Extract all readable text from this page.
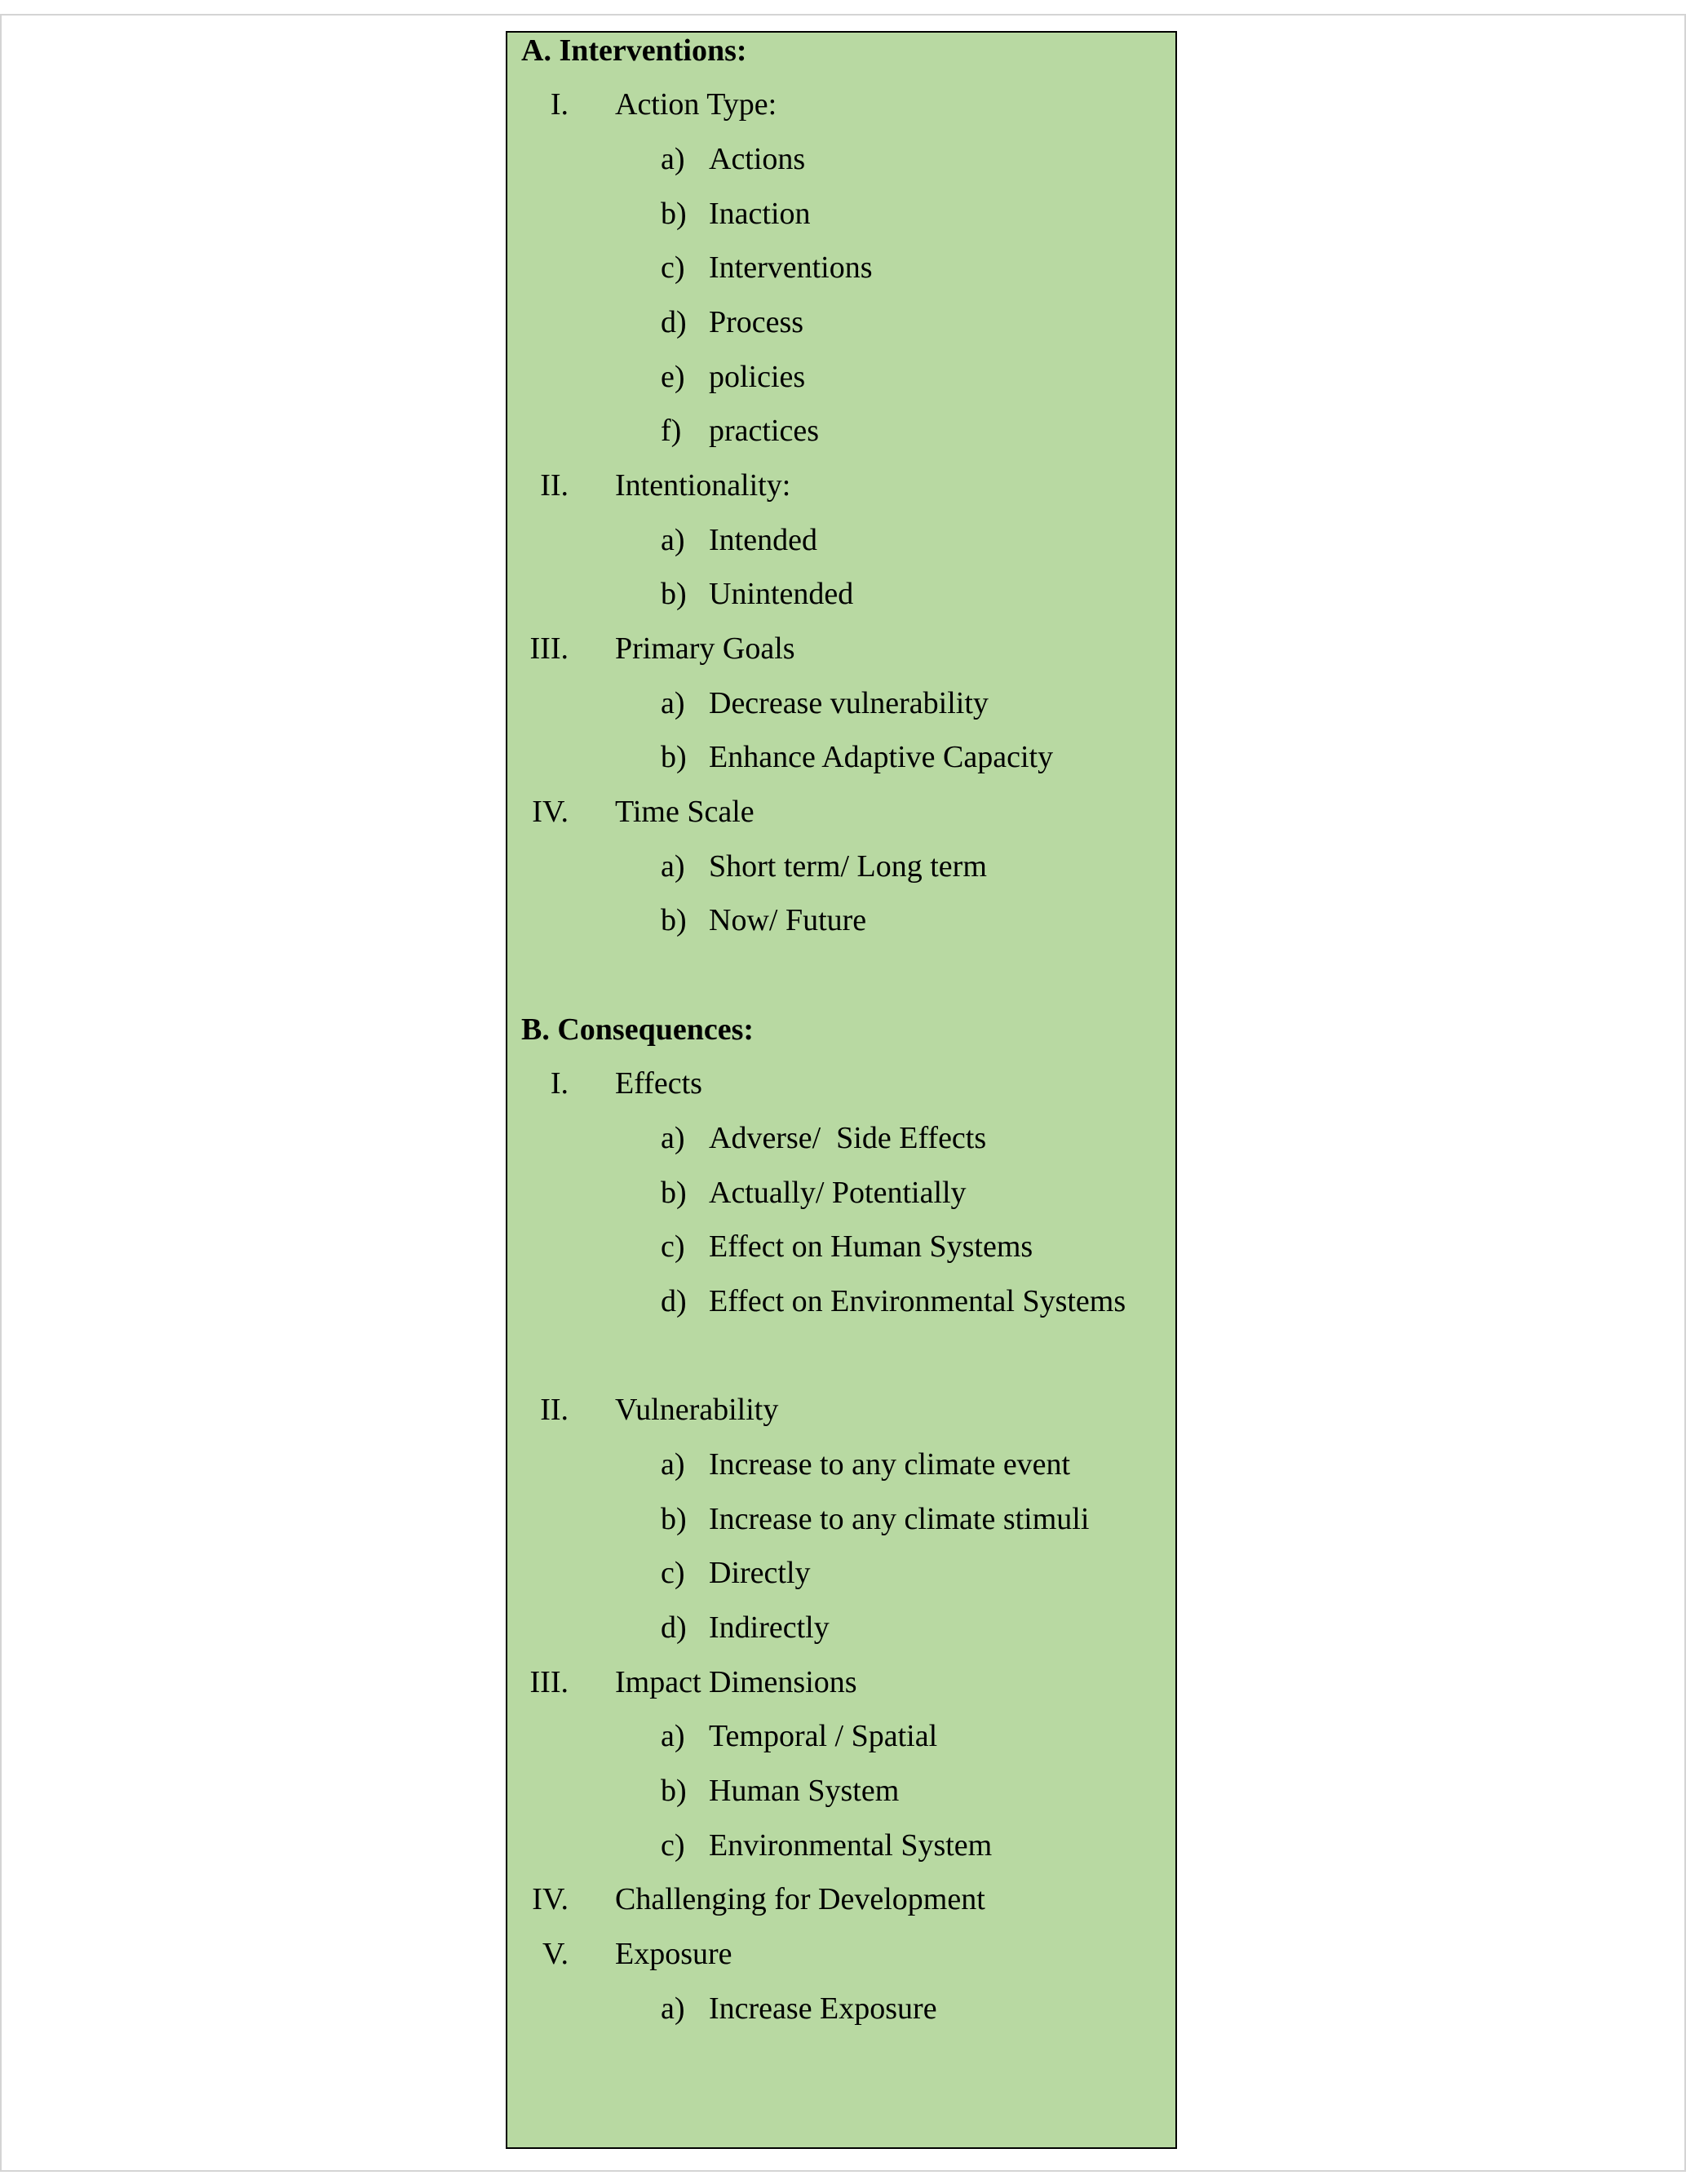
A. Interventions:
I. Action Type:
a) Actions
b) Inaction
c) Interventions
d) Process
e) policies
f) practices
II. Intentionality:
a) Intended
b) Unintended
III. Primary Goals
a) Decrease vulnerability
b) Enhance Adaptive Capacity
IV. Time Scale
a) Short term/ Long term
b) Now/ Future
B. Consequences:
I. Effects
a) Adverse/  Side Effects
b) Actually/ Potentially
c) Effect on Human Systems
d) Effect on Environmental Systems
II. Vulnerability
a) Increase to any climate event
b) Increase to any climate stimuli
c) Directly
d) Indirectly
III. Impact Dimensions
a) Temporal / Spatial
b) Human System
c) Environmental System
IV. Challenging for Development
V. Exposure
a) Increase Exposure
